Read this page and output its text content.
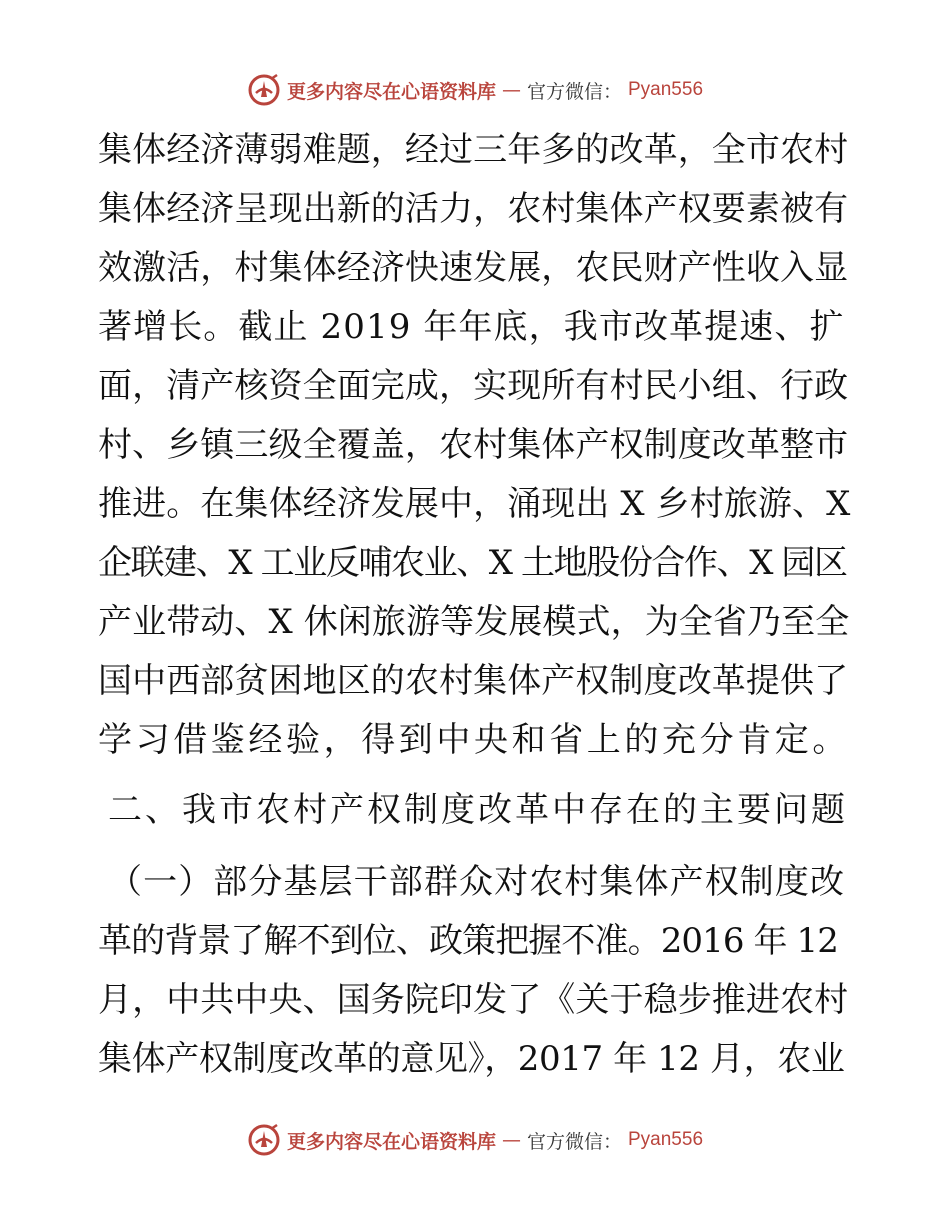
更多内容尽在心语资料库 — 官方微信： Pyan556
集体经济薄弱难题，经过三年多的改革，全市农村
集体经济呈现出新的活力，农村集体产权要素被有
效激活，村集体经济快速发展，农民财产性收入显
著增长。截止 2019 年年底，我市改革提速、扩
面，清产核资全面完成，实现所有村民小组、行政
村、乡镇三级全覆盖，农村集体产权制度改革整市
推进。在集体经济发展中，涌现出 X 乡村旅游、X
企联建、X 工业反哺农业、X 土地股份合作、X 园区
产业带动、X 休闲旅游等发展模式，为全省乃至全
国中西部贫困地区的农村集体产权制度改革提供了
学习借鉴经验，得到中央和省上的充分肯定。
二、我市农村产权制度改革中存在的主要问题
（一）部分基层干部群众对农村集体产权制度改
革的背景了解不到位、政策把握不准。2016 年 12
月，中共中央、国务院印发了《关于稳步推进农村
集体产权制度改革的意见》，2017 年 12 月，农业
更多内容尽在心语资料库 — 官方微信： Pyan556
